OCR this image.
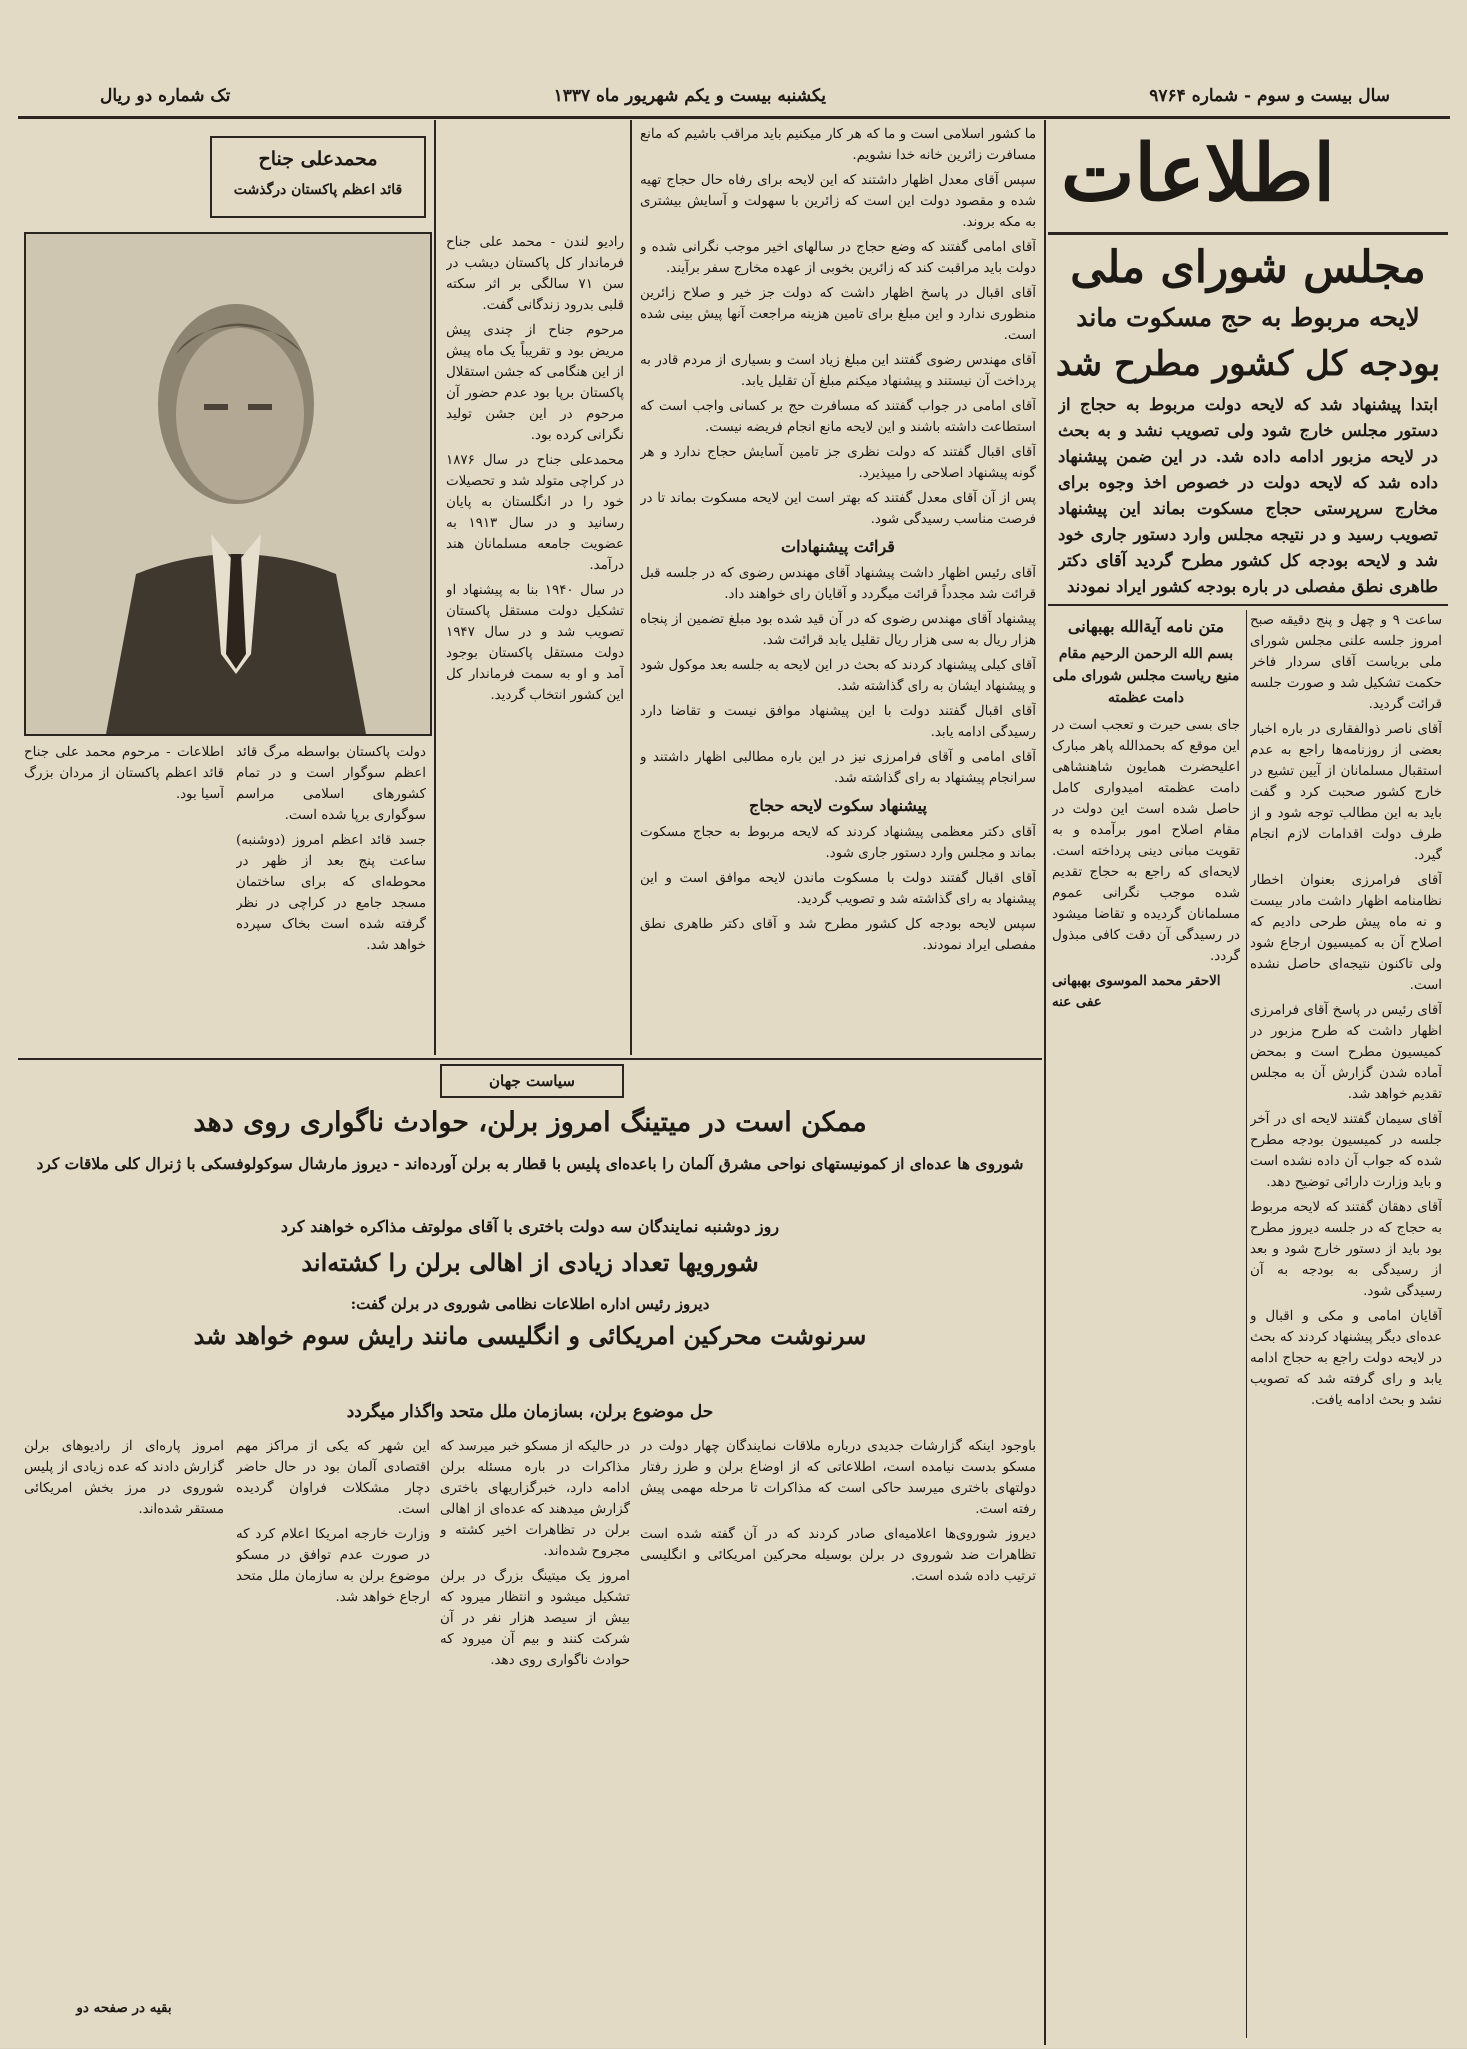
سال بیست و سوم - شماره ۹۷۶۴
یکشنبه بیست و یکم شهریور ماه ۱۳۳۷
تک شماره دو ریال
اطلاعات
مجلس شورای ملی
لایحه مربوط به حج مسکوت ماند
بودجه کل کشور مطرح شد
ابتدا پیشنهاد شد که لایحه دولت مربوط به حجاج از دستور مجلس خارج شود ولی تصویب نشد و به بحث در لایحه مزبور ادامه داده شد. در این ضمن پیشنهاد داده شد که لایحه دولت در خصوص اخذ وجوه برای مخارج سرپرستی حجاج مسکوت بماند این پیشنهاد تصویب رسید و در نتیجه مجلس وارد دستور جاری خود شد و لایحه بودجه کل کشور مطرح گردید آقای دکتر طاهری نطق مفصلی در باره بودجه کشور ایراد نمودند

ساعت ۹ و چهل و پنج دقیقه صبح امروز جلسه علنی مجلس شورای ملی بریاست آقای سردار فاخر حکمت تشکیل شد و صورت جلسه قرائت گردید.

آقای ناصر ذوالفقاری در باره اخبار بعضی از روزنامه‌ها راجع به عدم استقبال مسلمانان از آیین تشیع در خارج کشور صحبت کرد و گفت باید به این مطالب توجه شود و از طرف دولت اقدامات لازم انجام گیرد.

آقای فرامرزی بعنوان اخطار نظامنامه اظهار داشت مادر بیست و نه ماه پیش طرحی دادیم که اصلاح آن به کمیسیون ارجاع شود ولی تاکنون نتیجه‌ای حاصل نشده است.

آقای رئیس در پاسخ آقای فرامرزی اظهار داشت که طرح مزبور در کمیسیون مطرح است و بمحض آماده شدن گزارش آن به مجلس تقدیم خواهد شد.

آقای سیمان گفتند لایحه ای در آخر جلسه در کمیسیون بودجه مطرح شده که جواب آن داده نشده است و باید وزارت دارائی توضیح دهد.

آقای دهقان گفتند که لایحه مربوط به حجاج که در جلسه دیروز مطرح بود باید از دستور خارج شود و بعد از رسیدگی به بودجه به آن رسیدگی شود.

آقایان امامی و مکی و اقبال و عده‌ای دیگر پیشنهاد کردند که بحث در لایحه دولت راجع به حجاج ادامه یابد و رای گرفته شد که تصویب نشد و بحث ادامه یافت.

متن نامه آیة‌الله بهبهانی
بسم الله الرحمن الرحیم مقام منیع ریاست مجلس شورای ملی دامت عظمته

جای بسی حیرت و تعجب است در این موقع که بحمدالله پاهر مبارک اعلیحضرت همایون شاهنشاهی دامت عظمته امیدواری کامل حاصل شده است این دولت در مقام اصلاح امور برآمده و به تقویت مبانی دینی پرداخته است. لایحه‌ای که راجع به حجاج تقدیم شده موجب نگرانی عموم مسلمانان گردیده و تقاضا میشود در رسیدگی آن دقت کافی مبذول گردد.

الاحقر محمد الموسوی بهبهانی عفی عنه

ما کشور اسلامی است و ما که هر کار میکنیم باید مراقب باشیم که مانع مسافرت زائرین خانه خدا نشویم.

سپس آقای معدل اظهار داشتند که این لایحه برای رفاه حال حجاج تهیه شده و مقصود دولت این است که زائرین با سهولت و آسایش بیشتری به مکه بروند.

آقای امامی گفتند که وضع حجاج در سالهای اخیر موجب نگرانی شده و دولت باید مراقبت کند که زائرین بخوبی از عهده مخارج سفر برآیند.

آقای اقبال در پاسخ اظهار داشت که دولت جز خیر و صلاح زائرین منظوری ندارد و این مبلغ برای تامین هزینه مراجعت آنها پیش بینی شده است.

آقای مهندس رضوی گفتند این مبلغ زیاد است و بسیاری از مردم قادر به پرداخت آن نیستند و پیشنهاد میکنم مبلغ آن تقلیل یابد.

آقای امامی در جواب گفتند که مسافرت حج بر کسانی واجب است که استطاعت داشته باشند و این لایحه مانع انجام فریضه نیست.

آقای اقبال گفتند که دولت نظری جز تامین آسایش حجاج ندارد و هر گونه پیشنهاد اصلاحی را میپذیرد.

پس از آن آقای معدل گفتند که بهتر است این لایحه مسکوت بماند تا در فرصت مناسب رسیدگی شود.

قرائت پیشنهادات

آقای رئیس اظهار داشت پیشنهاد آقای مهندس رضوی که در جلسه قبل قرائت شد مجدداً قرائت میگردد و آقایان رای خواهند داد.

پیشنهاد آقای مهندس رضوی که در آن قید شده بود مبلغ تضمین از پنجاه هزار ریال به سی هزار ریال تقلیل یابد قرائت شد.

آقای کیلی پیشنهاد کردند که بحث در این لایحه به جلسه بعد موکول شود و پیشنهاد ایشان به رای گذاشته شد.

آقای اقبال گفتند دولت با این پیشنهاد موافق نیست و تقاضا دارد رسیدگی ادامه یابد.

آقای امامی و آقای فرامرزی نیز در این باره مطالبی اظهار داشتند و سرانجام پیشنهاد به رای گذاشته شد.

پیشنهاد سکوت لایحه حجاج

آقای دکتر معظمی پیشنهاد کردند که لایحه مربوط به حجاج مسکوت بماند و مجلس وارد دستور جاری شود.

آقای اقبال گفتند دولت با مسکوت ماندن لایحه موافق است و این پیشنهاد به رای گذاشته شد و تصویب گردید.

سپس لایحه بودجه کل کشور مطرح شد و آقای دکتر طاهری نطق مفصلی ایراد نمودند.

محمدعلی جناح
قائد اعظم پاکستان درگذشت

رادیو لندن - محمد علی جناح فرماندار کل پاکستان دیشب در سن ۷۱ سالگی بر اثر سکته قلبی بدرود زندگانی گفت.

مرحوم جناح از چندی پیش مریض بود و تقریباً یک ماه پیش از این هنگامی که جشن استقلال پاکستان برپا بود عدم حضور آن مرحوم در این جشن تولید نگرانی کرده بود.

محمدعلی جناح در سال ۱۸۷۶ در کراچی متولد شد و تحصیلات خود را در انگلستان به پایان رسانید و در سال ۱۹۱۳ به عضویت جامعه مسلمانان هند درآمد.

در سال ۱۹۴۰ بنا به پیشنهاد او تشکیل دولت مستقل پاکستان تصویب شد و در سال ۱۹۴۷ دولت مستقل پاکستان بوجود آمد و او به سمت فرماندار کل این کشور انتخاب گردید.

دولت پاکستان بواسطه مرگ قائد اعظم سوگوار است و در تمام کشورهای اسلامی مراسم سوگواری برپا شده است.

جسد قائد اعظم امروز (دوشنبه) ساعت پنج بعد از ظهر در محوطه‌ای که برای ساختمان مسجد جامع در کراچی در نظر گرفته شده است بخاک سپرده خواهد شد.

اطلاعات - مرحوم محمد علی جناح قائد اعظم پاکستان از مردان بزرگ آسیا بود.

سیاست جهان
ممکن است در میتینگ امروز برلن، حوادث ناگواری روی دهد
شوروی ها عده‌ای از کمونیستهای نواحی مشرق آلمان را باعده‌ای پلیس با قطار به برلن آورده‌اند - دیروز مارشال سوکولوفسکی با ژنرال کلی ملاقات کرد
روز دوشنبه نمایندگان سه دولت باختری با آقای مولوتف مذاکره خواهند کرد
شورویها تعداد زیادی از اهالی برلن را کشته‌اند
دیروز رئیس اداره اطلاعات نظامی شوروی در برلن گفت:
سرنوشت محرکین امریکائی و انگلیسی مانند رایش سوم خواهد شد
حل موضوع برلن، بسازمان ملل متحد واگذار میگردد

باوجود اینکه گزارشات جدیدی درباره ملاقات نمایندگان چهار دولت در مسکو بدست نیامده است، اطلاعاتی که از اوضاع برلن و طرز رفتار دولتهای باختری میرسد حاکی است که مذاکرات تا مرحله مهمی پیش رفته است.

دیروز شوروی‌ها اعلامیه‌ای صادر کردند که در آن گفته شده است تظاهرات ضد شوروی در برلن بوسیله محرکین امریکائی و انگلیسی ترتیب داده شده است.

در حالیکه از مسکو خبر میرسد که مذاکرات در باره مسئله برلن ادامه دارد، خبرگزاریهای باختری گزارش میدهند که عده‌ای از اهالی برلن در تظاهرات اخیر کشته و مجروح شده‌اند.

امروز یک میتینگ بزرگ در برلن تشکیل میشود و انتظار میرود که بیش از سیصد هزار نفر در آن شرکت کنند و بیم آن میرود که حوادث ناگواری روی دهد.

این شهر که یکی از مراکز مهم اقتصادی آلمان بود در حال حاضر دچار مشکلات فراوان گردیده است.

وزارت خارجه امریکا اعلام کرد که در صورت عدم توافق در مسکو موضوع برلن به سازمان ملل متحد ارجاع خواهد شد.

امروز پاره‌ای از رادیوهای برلن گزارش دادند که عده زیادی از پلیس شوروی در مرز بخش امریکائی مستقر شده‌اند.

بقیه در صفحه دو
